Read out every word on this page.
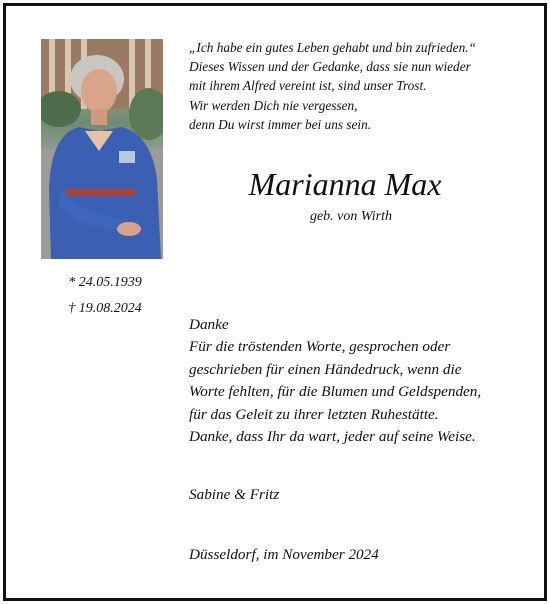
* 24.05.1939
† 19.08.2024
„Ich habe ein gutes Leben gehabt und bin zufrieden.“
Dieses Wissen und der Gedanke, dass sie nun wieder
mit ihrem Alfred vereint ist, sind unser Trost.
Wir werden Dich nie vergessen,
denn Du wirst immer bei uns sein.
Marianna Max
geb. von Wirth
Danke
Für die tröstenden Worte, gesprochen oder
geschrieben für einen Händedruck, wenn die
Worte fehlten, für die Blumen und Geldspenden,
für das Geleit zu ihrer letzten Ruhestätte.
Danke, dass Ihr da wart, jeder auf seine Weise.
Sabine & Fritz
Düsseldorf, im November 2024
